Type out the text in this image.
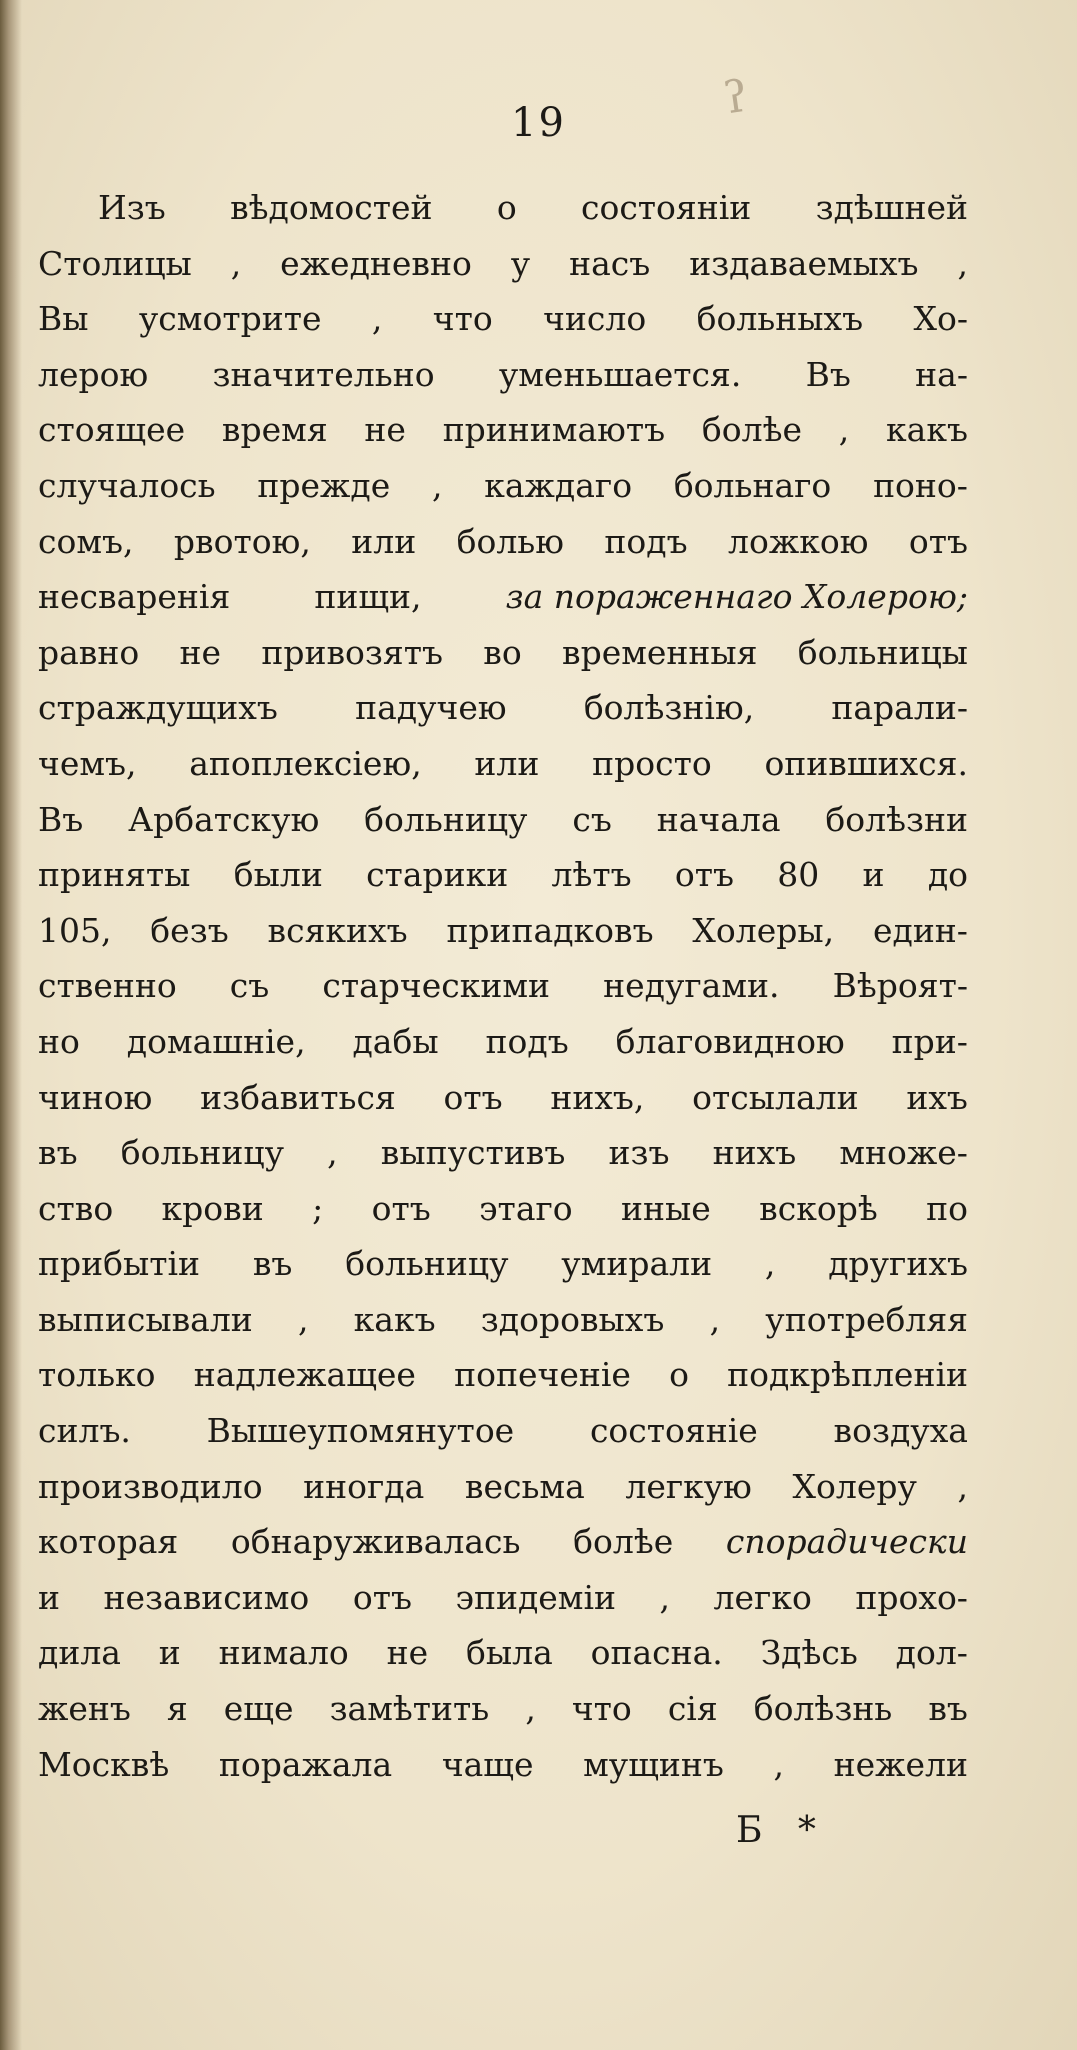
ʔ
19
Изъ вѣдомостей о состояніи здѣшней
Столицы , ежедневно у насъ издаваемыхъ ,
Вы усмотрите , что число больныхъ Хо-
лерою значительно уменьшается. Въ на-
стоящее время не принимаютъ болѣе , какъ
случалось прежде , каждаго больнаго поно-
сомъ, рвотою, или болью подъ ложкою отъ
несваренія	пищи,	за пораженнаго Холерою;
равно не привозятъ во временныя больницы
страждущихъ падучею болѣзнію, парали-
чемъ, апоплексіею, или просто опившихся.
Въ Арбатскую больницу съ начала болѣзни
приняты были старики лѣтъ отъ 80 и до
105, безъ всякихъ припадковъ Холеры, един-
ственно съ старческими недугами. Вѣроят-
но домашніе, дабы подъ благовидною при-
чиною избавиться отъ нихъ, отсылали ихъ
въ больницу , выпустивъ изъ нихъ множе-
ство крови ; отъ этаго иные вскорѣ по
прибытіи въ больницу умирали , другихъ
выписывали , какъ здоровыхъ , употребляя
только надлежащее попеченіе о подкрѣпленіи
силъ. Вышеупомянутое состояніе воздуха
производило иногда весьма легкую Холеру ,
которая обнаруживалась болѣе спорадически
и независимо отъ эпидеміи , легко прохо-
дила и нимало не была опасна. Здѣсь дол-
женъ я еще замѣтить , что сія болѣзнь въ
Москвѣ поражала чаще мущинъ , нежели
Б *
